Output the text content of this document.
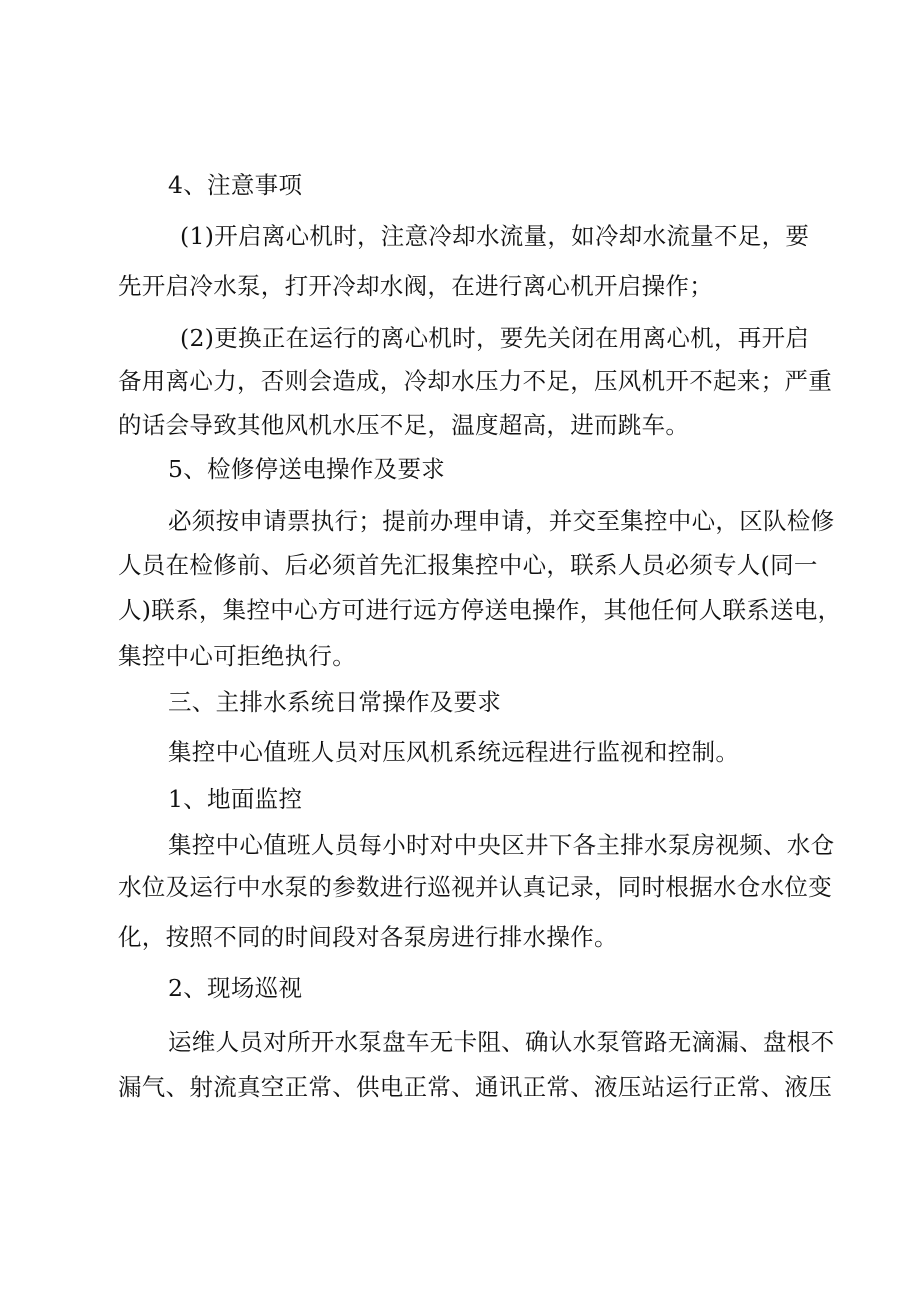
4、注意事项
(1)开启离心机时，注意冷却水流量，如冷却水流量不足，要
先开启冷水泵，打开冷却水阀，在进行离心机开启操作；
(2)更换正在运行的离心机时，要先关闭在用离心机，再开启
备用离心力，否则会造成，冷却水压力不足，压风机开不起来；严重
的话会导致其他风机水压不足，温度超高，进而跳车。
5、检修停送电操作及要求
必须按申请票执行；提前办理申请，并交至集控中心，区队检修
人员在检修前、后必须首先汇报集控中心，联系人员必须专人(同一
人)联系，集控中心方可进行远方停送电操作，其他任何人联系送电，
集控中心可拒绝执行。
三、主排水系统日常操作及要求
集控中心值班人员对压风机系统远程进行监视和控制。
1、地面监控
集控中心值班人员每小时对中央区井下各主排水泵房视频、水仓
水位及运行中水泵的参数进行巡视并认真记录，同时根据水仓水位变
化，按照不同的时间段对各泵房进行排水操作。
2、现场巡视
运维人员对所开水泵盘车无卡阻、确认水泵管路无滴漏、盘根不
漏气、射流真空正常、供电正常、通讯正常、液压站运行正常、液压
